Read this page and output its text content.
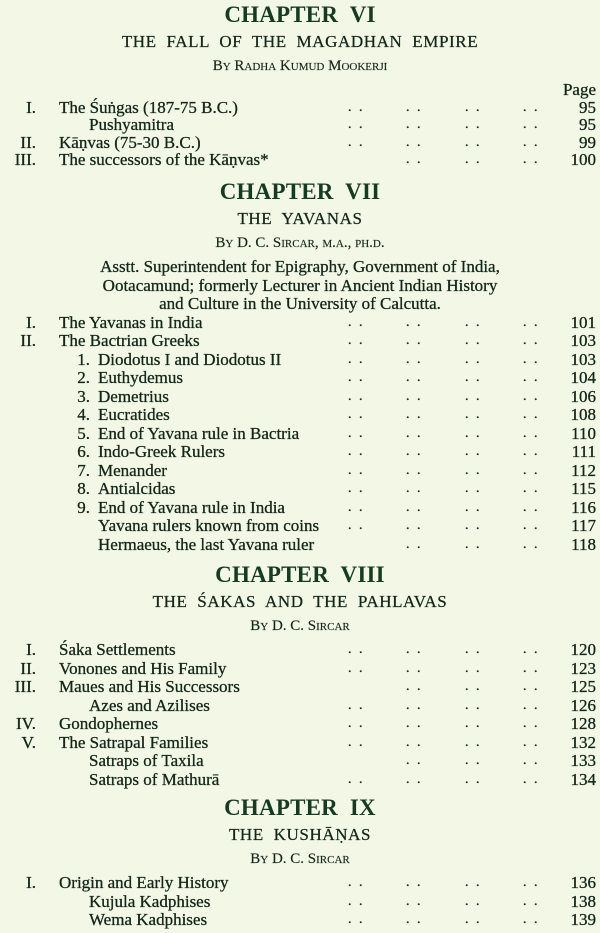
CHAPTER VI
THE FALL OF THE MAGADHAN EMPIRE
By Radha Kumud Mookerji
Page
I. The Śuṅgas (187-75 B.C.)	. .	. .	. .	. . 95
Pushyamitra	. .	. .	. .	. . 95
II. Kāṇvas (75-30 B.C.)	. .	. .	. .	. . 99
III. The successors of the Kāṇvas*	. .	. .	. . 100
CHAPTER VII
THE YAVANAS
By D. C. Sircar, m.a., ph.d.
Asstt. Superintendent for Epigraphy, Government of India,
Ootacamund; formerly Lecturer in Ancient Indian History
and Culture in the University of Calcutta.
I. The Yavanas in India	. .	. .	. .	. . 101
II. The Bactrian Greeks	. .	. .	. .	. . 103
1. Diodotus I and Diodotus II	. .	. .	. .	. . 103
2. Euthydemus	. .	. .	. .	. . 104
3. Demetrius	. .	. .	. .	. . 106
4. Eucratides	. .	. .	. .	. . 108
5. End of Yavana rule in Bactria	. .	. .	. .	. . 110
6. Indo-Greek Rulers	. .	. .	. .	. . 111
7. Menander	. .	. .	. .	. . 112
8. Antialcidas	. .	. .	. .	. . 115
9. End of Yavana rule in India	. .	. .	. .	. . 116
Yavana rulers known from coins . .	. .	. .	. . 117
Hermaeus, the last Yavana ruler	. .	. .	. . 118
CHAPTER VIII
THE ŚAKAS AND THE PAHLAVAS
By D. C. Sircar
I. Śaka Settlements	. .	. .	. .	. . 120
II. Vonones and His Family	. .	. .	. .	. . 123
III. Maues and His Successors	. .	. .	. . 125
Azes and Azilises	. .	. .	. .	. . 126
IV. Gondophernes	. .	. .	. .	. . 128
V. The Satrapal Families	. .	. .	. .	. . 132
Satraps of Taxila	. .	. .	. . 133
Satraps of Mathurā	. .	. .	. .	. . 134
CHAPTER IX
THE KUSHĀṆAS
By D. C. Sircar
I. Origin and Early History	. .	. .	. .	. . 136
Kujula Kadphises	. .	. .	. .	. . 138
Wema Kadphises	. .	. .	. .	. . 139
